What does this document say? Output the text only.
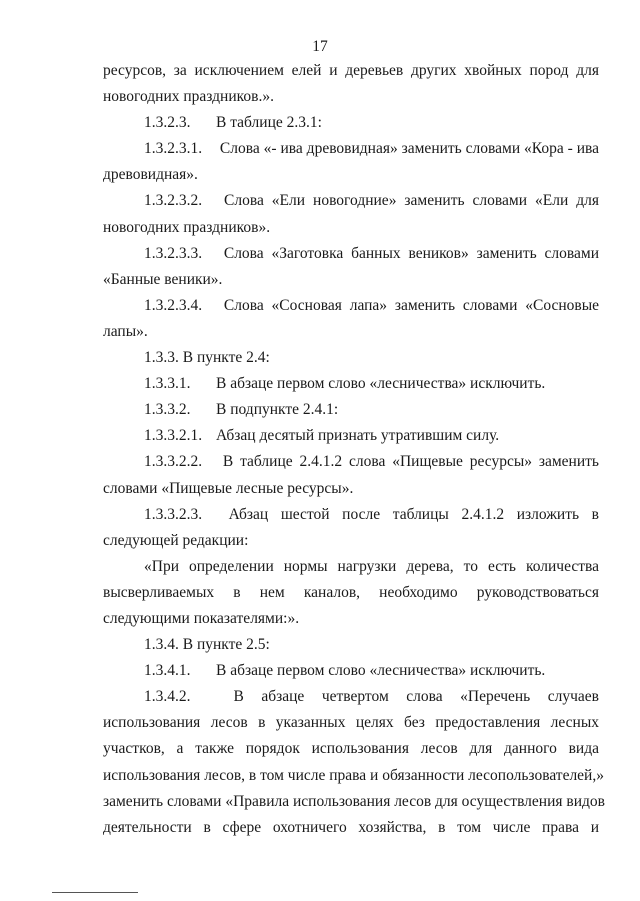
17
ресурсов, за исключением елей и деревьев других хвойных пород для
новогодних праздников.».
1.3.2.3. В таблице 2.3.1:
1.3.2.3.1. Слова «- ива древовидная» заменить словами «Кора - ива
древовидная».
1.3.2.3.2. Слова «Ели новогодние» заменить словами «Ели для
новогодних праздников».
1.3.2.3.3. Слова «Заготовка банных веников» заменить словами
«Банные веники».
1.3.2.3.4. Слова «Сосновая лапа» заменить словами «Сосновые
лапы».
1.3.3. В пункте 2.4:
1.3.3.1. В абзаце первом слово «лесничества» исключить.
1.3.3.2. В подпункте 2.4.1:
1.3.3.2.1. Абзац десятый признать утратившим силу.
1.3.3.2.2. В таблице 2.4.1.2 слова «Пищевые ресурсы» заменить
словами «Пищевые лесные ресурсы».
1.3.3.2.3. Абзац шестой после таблицы 2.4.1.2 изложить в
следующей редакции:
«При определении нормы нагрузки дерева, то есть количества
высверливаемых в нем каналов, необходимо руководствоваться
следующими показателями:».
1.3.4. В пункте 2.5:
1.3.4.1. В абзаце первом слово «лесничества» исключить.
1.3.4.2.	В абзаце четвертом слова «Перечень случаев
использования лесов в указанных целях без предоставления лесных
участков, а также порядок использования лесов для данного вида
использования лесов, в том числе права и обязанности лесопользователей,»
заменить словами «Правила использования лесов для осуществления видов
деятельности в сфере охотничего хозяйства, в том числе права и
